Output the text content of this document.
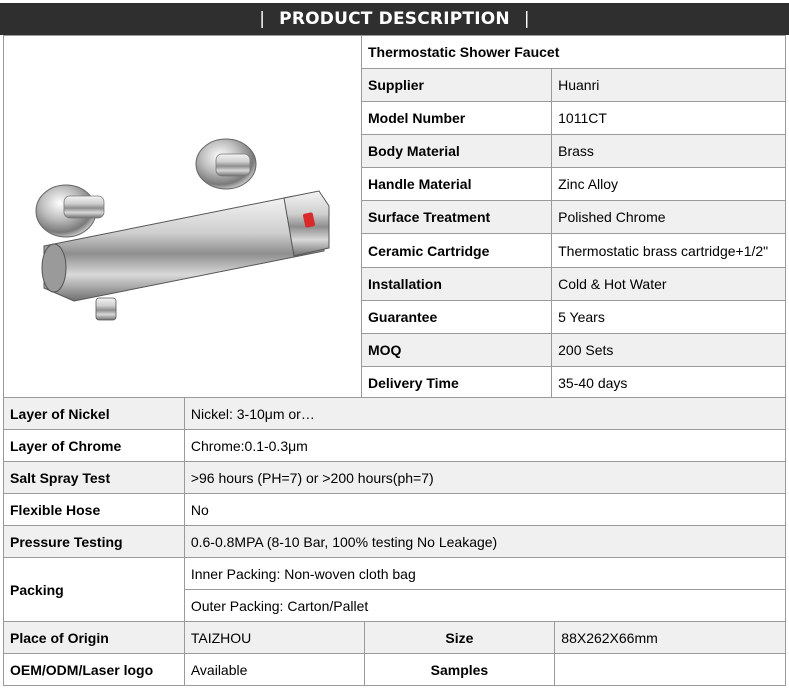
| PRODUCT DESCRIPTION |
	Thermostatic Shower Faucet	
	Supplier	Huanri
	Model Number	1011CT
	Body Material	Brass
	Handle Material	Zinc Alloy
	Surface Treatment	Polished Chrome
	Ceramic Cartridge	Thermostatic brass cartridge+1/2"
	Installation	Cold & Hot Water
	Guarantee	5 Years
	MOQ	200 Sets
	Delivery Time	35-40 days
Layer of Nickel	Nickel: 3-10μm or…		
Layer of Chrome	Chrome:0.1-0.3μm		
Salt Spray Test	>96 hours (PH=7) or >200 hours(ph=7)		
Flexible Hose	No		
Pressure Testing	0.6-0.8MPA (8-10 Bar, 100% testing No Leakage)		
Packing	Inner Packing: Non-woven cloth bag		
	Outer Packing: Carton/Pallet		
Place of Origin	TAIZHOU	Size	88X262X66mm
OEM/ODM/Laser logo	Available	Samples	
